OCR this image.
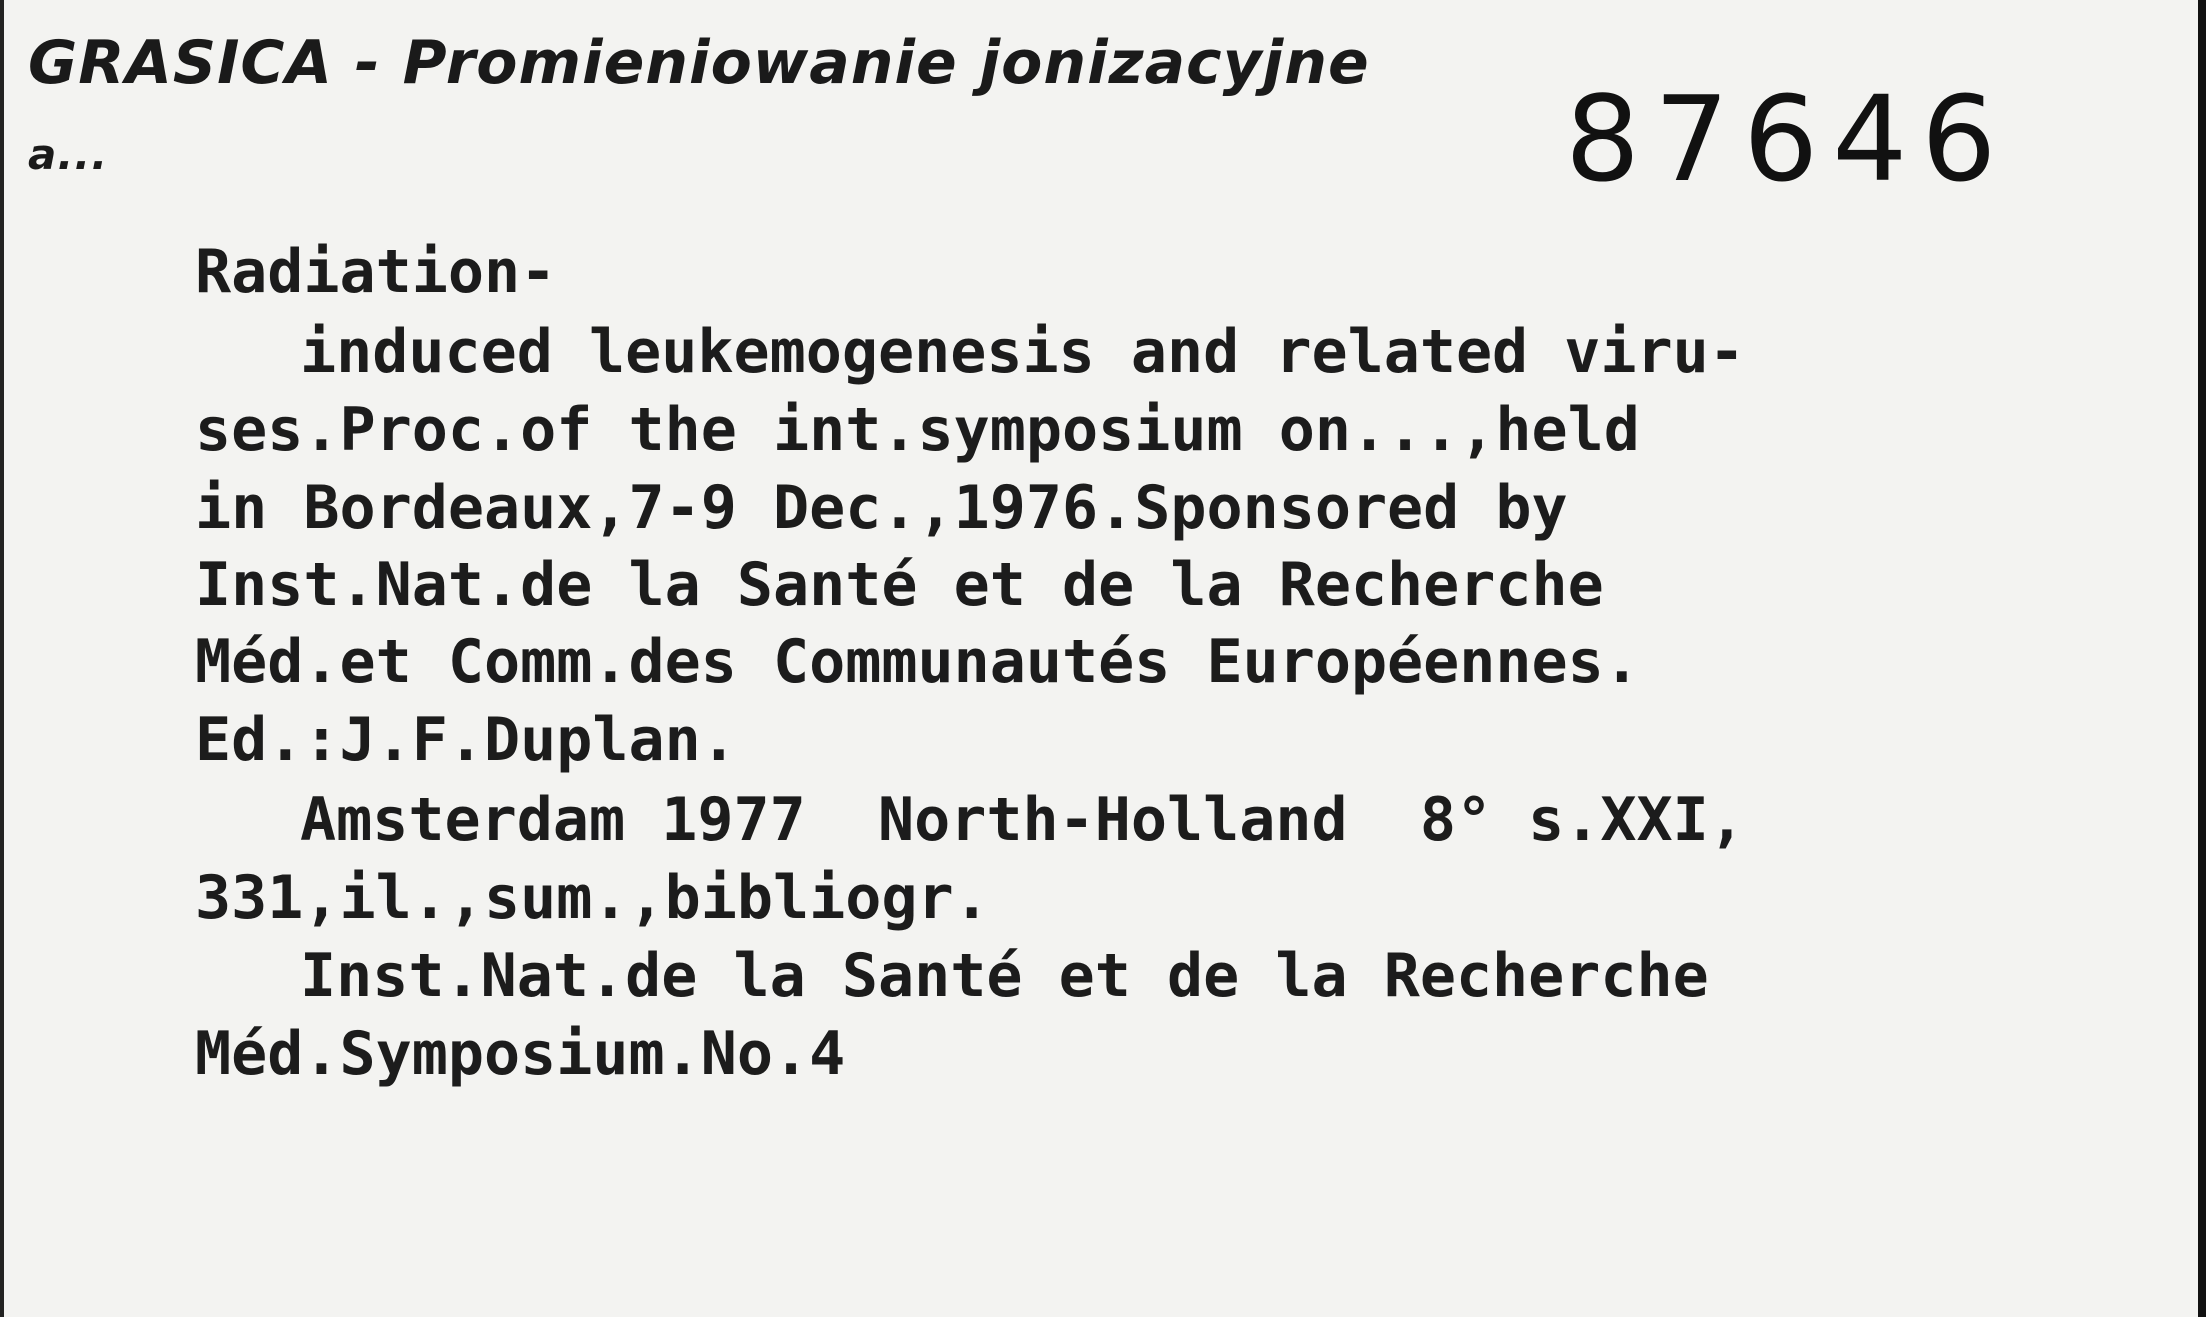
GRASICA - Promieniowanie jonizacyjne
a...	87646
Radiation-
induced leukemogenesis and related viru-
ses.Proc.of the int.symposium on...,held
in Bordeaux,7-9 Dec.,1976.Sponsored by
Inst.Nat.de la Santé et de la Recherche
Méd.et Comm.des Communautés Européennes.
Ed.:J.F.Duplan.
Amsterdam 1977  North-Holland  8° s.XXI,
331,il.,sum.,bibliogr.
Inst.Nat.de la Santé et de la Recherche
Méd.Symposium.No.4
